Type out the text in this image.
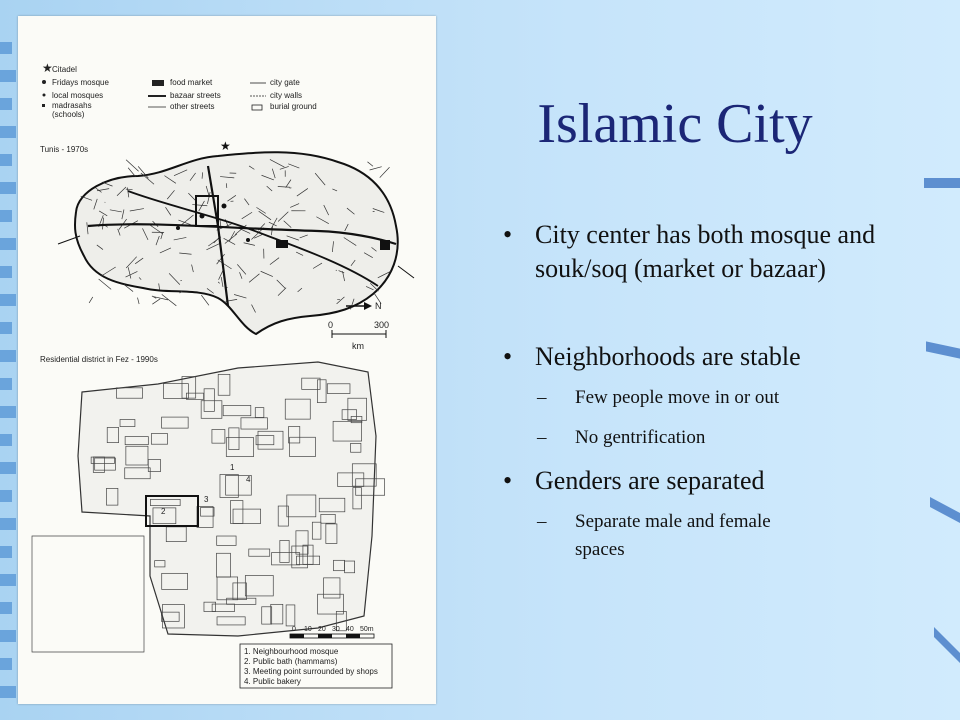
★ Citadel
Fridays mosque
local mosques
madrasahs
(schools)
food market
bazaar streets
other streets
city gate
city walls
burial ground
Tunis - 1970s	★
N
0	300
km
Residential district in Fez - 1990s
2
3
1
4
0 10 20 30 40 50m
1. Neighbourhood mosque
2. Public bath (hammams)
3. Meeting point surrounded by shops
4. Public bakery
Islamic City
• City center has both mosque and souk/soq (market or bazaar)
• Neighborhoods are stable
– Few people move in or out
– No gentrification
• Genders are separated
– Separate male and female spaces
